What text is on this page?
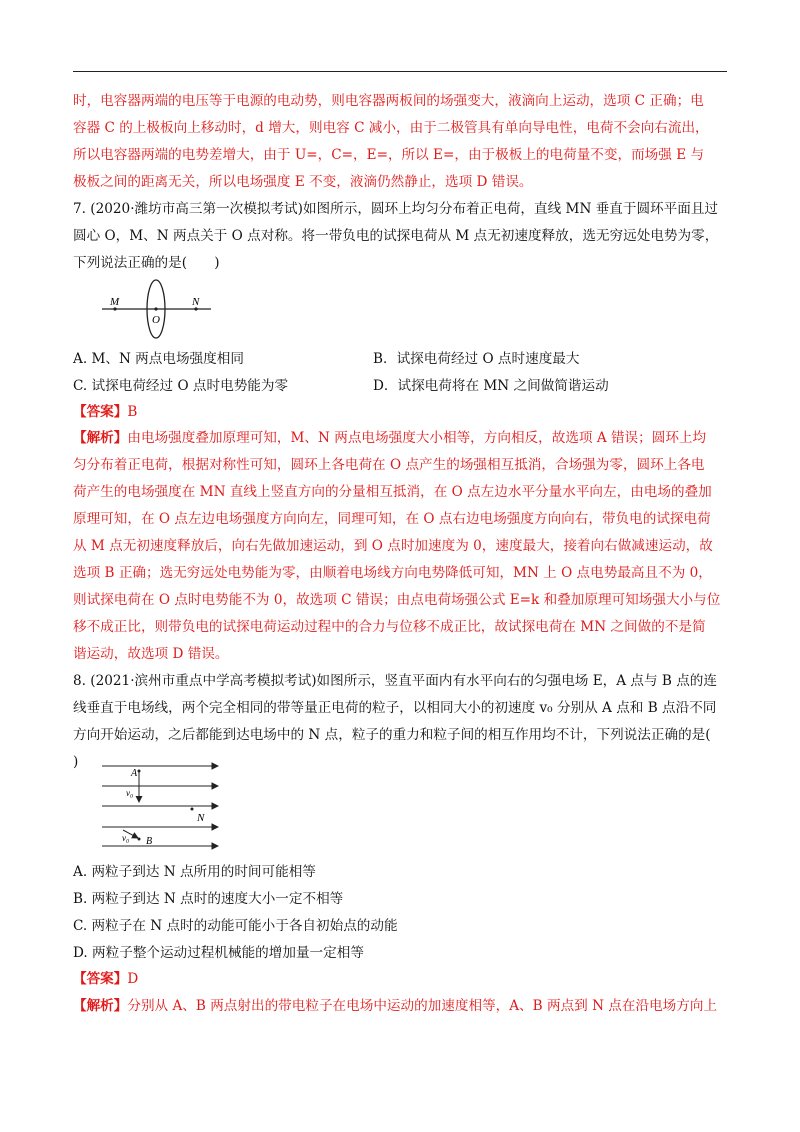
时，电容器两端的电压等于电源的电动势，则电容器两板间的场强变大，液滴向上运动，选项 C 正确；电

容器 C 的上极板向上移动时，d 增大，则电容 C 减小，由于二极管具有单向导电性，电荷不会向右流出，

所以电容器两端的电势差增大，由于 U=，C=，E=，所以 E=，由于极板上的电荷量不变，而场强 E 与

极板之间的距离无关，所以电场强度 E 不变，液滴仍然静止，选项 D 错误。

7. (2020·潍坊市高三第一次模拟考试)如图所示，圆环上均匀分布着正电荷，直线 MN 垂直于圆环平面且过

圆心 O，M、N 两点关于 O 点对称。将一带负电的试探电荷从 M 点无初速度释放，选无穷远处电势为零，

下列说法正确的是(　　)

M
O
N

A. M、N 两点电场强度相同	B．试探电荷经过 O 点时速度最大

C. 试探电荷经过 O 点时电势能为零	D．试探电荷将在 MN 之间做简谐运动

【答案】B

【解析】由电场强度叠加原理可知，M、N 两点电场强度大小相等，方向相反，故选项 A 错误；圆环上均

匀分布着正电荷，根据对称性可知，圆环上各电荷在 O 点产生的场强相互抵消，合场强为零，圆环上各电

荷产生的电场强度在 MN 直线上竖直方向的分量相互抵消，在 O 点左边水平分量水平向左，由电场的叠加

原理可知，在 O 点左边电场强度方向向左，同理可知，在 O 点右边电场强度方向向右，带负电的试探电荷

从 M 点无初速度释放后，向右先做加速运动，到 O 点时加速度为 0，速度最大，接着向右做减速运动，故

选项 B 正确；选无穷远处电势能为零，由顺着电场线方向电势降低可知，MN 上 O 点电势最高且不为 0，

则试探电荷在 O 点时电势能不为 0，故选项 C 错误；由点电荷场强公式 E=k 和叠加原理可知场强大小与位

移不成正比，则带负电的试探电荷运动过程中的合力与位移不成正比，故试探电荷在 MN 之间做的不是简

谐运动，故选项 D 错误。

8. (2021·滨州市重点中学高考模拟考试)如图所示，竖直平面内有水平向右的匀强电场 E，A 点与 B 点的连

线垂直于电场线，两个完全相同的带等量正电荷的粒子，以相同大小的初速度 v₀ 分别从 A 点和 B 点沿不同

方向开始运动，之后都能到达电场中的 N 点，粒子的重力和粒子间的相互作用均不计，下列说法正确的是(

)

A
v₀
N
v₀ B

A. 两粒子到达 N 点所用的时间可能相等

B. 两粒子到达 N 点时的速度大小一定不相等

C. 两粒子在 N 点时的动能可能小于各自初始点的动能

D. 两粒子整个运动过程机械能的增加量一定相等

【答案】D

【解析】分别从 A、B 两点射出的带电粒子在电场中运动的加速度相等，A、B 两点到 N 点在沿电场方向上
